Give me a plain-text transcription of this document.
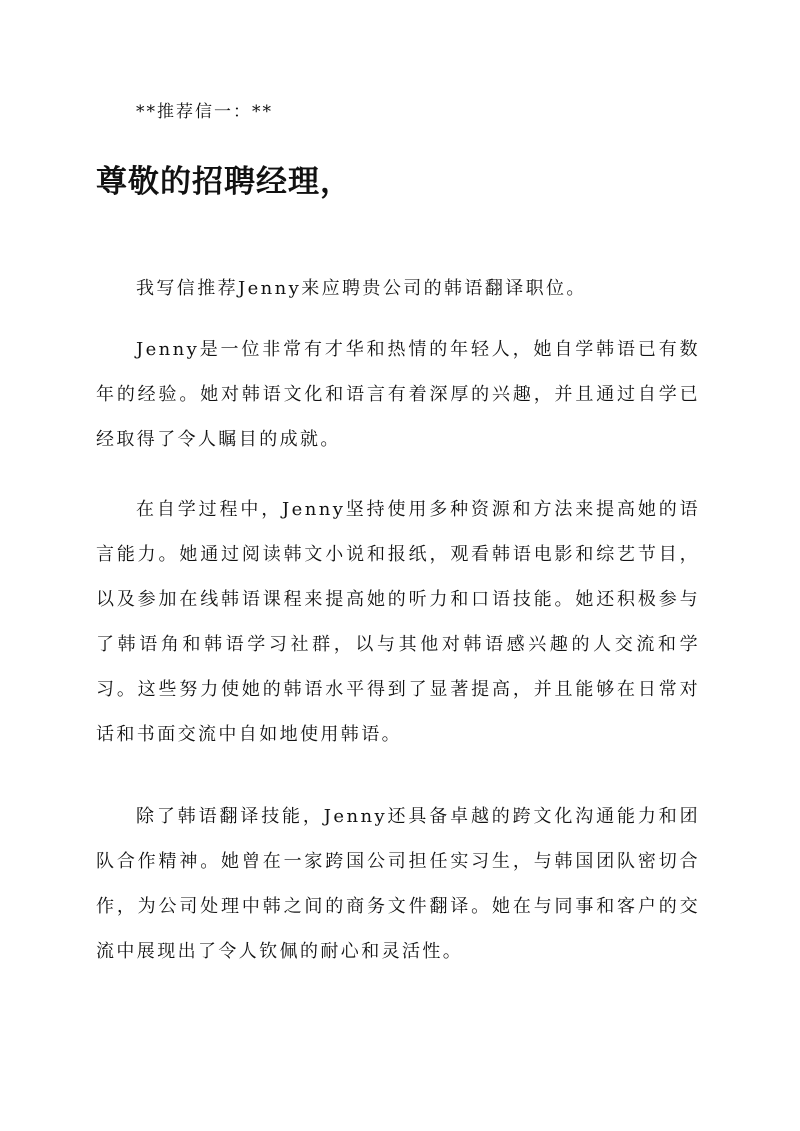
**推荐信一：**
尊敬的招聘经理，

我写信推荐Jenny来应聘贵公司的韩语翻译职位。

Jenny是一位非常有才华和热情的年轻人，她自学韩语已有数年的经验。她对韩语文化和语言有着深厚的兴趣，并且通过自学已经取得了令人瞩目的成就。

在自学过程中，Jenny坚持使用多种资源和方法来提高她的语言能力。她通过阅读韩文小说和报纸，观看韩语电影和综艺节目，以及参加在线韩语课程来提高她的听力和口语技能。她还积极参与了韩语角和韩语学习社群，以与其他对韩语感兴趣的人交流和学习。这些努力使她的韩语水平得到了显著提高，并且能够在日常对话和书面交流中自如地使用韩语。

除了韩语翻译技能，Jenny还具备卓越的跨文化沟通能力和团队合作精神。她曾在一家跨国公司担任实习生，与韩国团队密切合作，为公司处理中韩之间的商务文件翻译。她在与同事和客户的交流中展现出了令人钦佩的耐心和灵活性。
